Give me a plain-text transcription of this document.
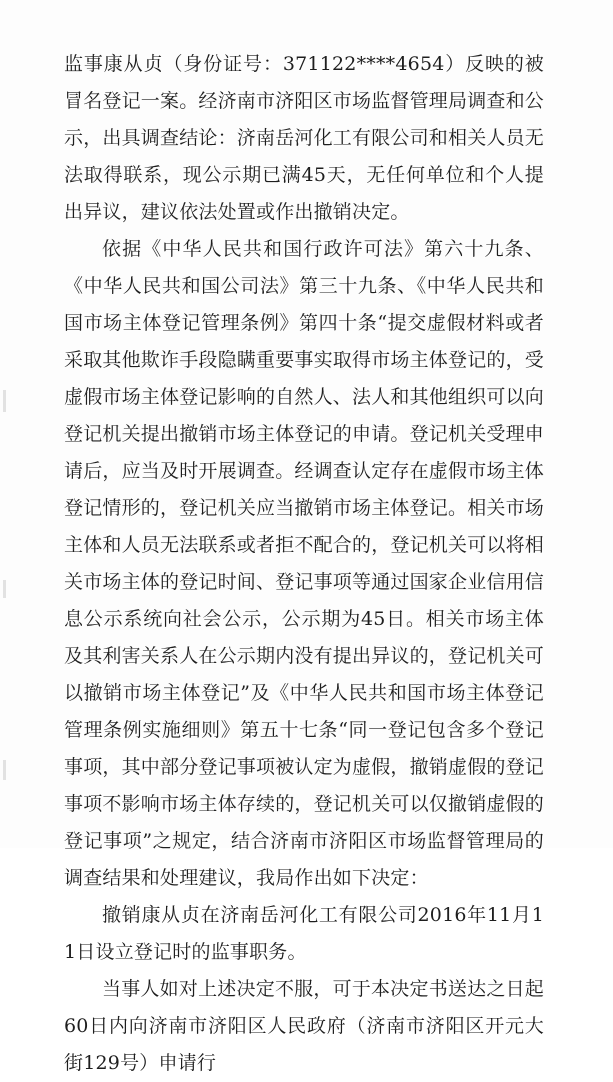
监事康从贞（身份证号：371122****4654）反映的被冒名登记一案。经济南市济阳区市场监督管理局调查和公示，出具调查结论：济南岳河化工有限公司和相关人员无法取得联系，现公示期已满45天，无任何单位和个人提出异议，建议依法处置或作出撤销决定。

依据《中华人民共和国行政许可法》第六十九条、《中华人民共和国公司法》第三十九条、《中华人民共和国市场主体登记管理条例》第四十条“提交虚假材料或者采取其他欺诈手段隐瞒重要事实取得市场主体登记的，受虚假市场主体登记影响的自然人、法人和其他组织可以向登记机关提出撤销市场主体登记的申请。登记机关受理申请后，应当及时开展调查。经调查认定存在虚假市场主体登记情形的，登记机关应当撤销市场主体登记。相关市场主体和人员无法联系或者拒不配合的，登记机关可以将相关市场主体的登记时间、登记事项等通过国家企业信用信息公示系统向社会公示，公示期为45日。相关市场主体及其利害关系人在公示期内没有提出异议的，登记机关可以撤销市场主体登记”及《中华人民共和国市场主体登记管理条例实施细则》第五十七条“同一登记包含多个登记事项，其中部分登记事项被认定为虚假，撤销虚假的登记事项不影响市场主体存续的，登记机关可以仅撤销虚假的登记事项”之规定，结合济南市济阳区市场监督管理局的调查结果和处理建议，我局作出如下决定：

撤销康从贞在济南岳河化工有限公司2016年11月11日设立登记时的监事职务。

当事人如对上述决定不服，可于本决定书送达之日起60日内向济南市济阳区人民政府（济南市济阳区开元大街129号）申请行
